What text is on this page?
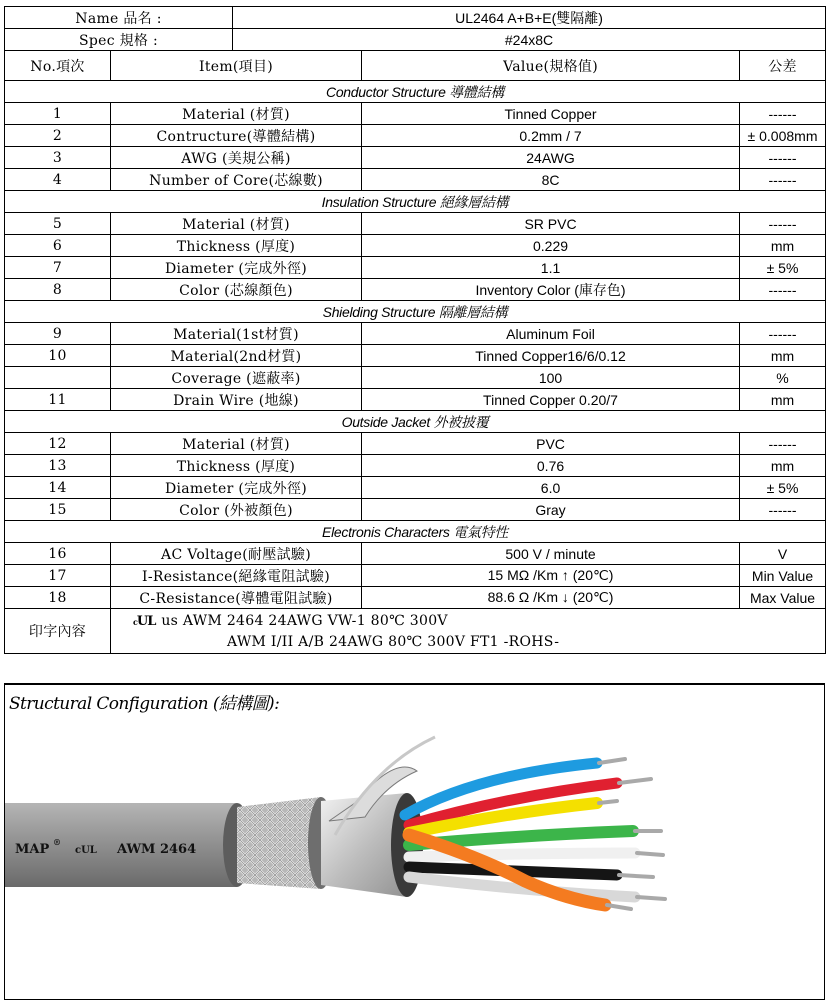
Name 品名 :		UL2464 A+B+E(雙隔離)		
Spec 規格 :		#24x8C		
No.項次	Item(項目)		Value(規格值)	公差
Conductor Structure 導體結構				
1	Material (材質)		Tinned Copper	------
2	Contructure(導體結構)		0.2mm / 7	± 0.008mm
3	AWG (美規公稱)		24AWG	------
4	Number of Core(芯線數)		8C	------
Insulation Structure 絕緣層結構				
5	Material (材質)		SR PVC	------
6	Thickness (厚度)		0.229	mm
7	Diameter (完成外徑)		1.1	± 5%
8	Color (芯線顏色)		Inventory Color (庫存色)	------
Shielding Structure 隔離層結構				
9	Material(1st材質)		Aluminum Foil	------
10	Material(2nd材質)		Tinned Copper16/6/0.12	mm
	Coverage (遮蔽率)		100	%
11	Drain Wire (地線)		Tinned Copper 0.20/7	mm
Outside Jacket 外被披覆				
12	Material (材質)		PVC	------
13	Thickness (厚度)		0.76	mm
14	Diameter (完成外徑)		6.0	± 5%
15	Color (外被顏色)		Gray	------
Electronis Characters 電氣特性				
16	AC Voltage(耐壓試驗)		500 V / minute	V
17	I-Resistance(絕緣電阻試驗)		15 MΩ /Km ↑ (20℃)	Min Value
18	C-Resistance(導體電阻試驗)		88.6 Ω /Km ↓ (20℃)	Max Value
印字內容	cUL us AWM 2464 24AWG VW-1 80℃ 300V
AWM I/II A/B 24AWG 80℃ 300V FT1 -ROHS-			
Structural Configuration (結構圖):
MAP ®
cUL AWM 2464
